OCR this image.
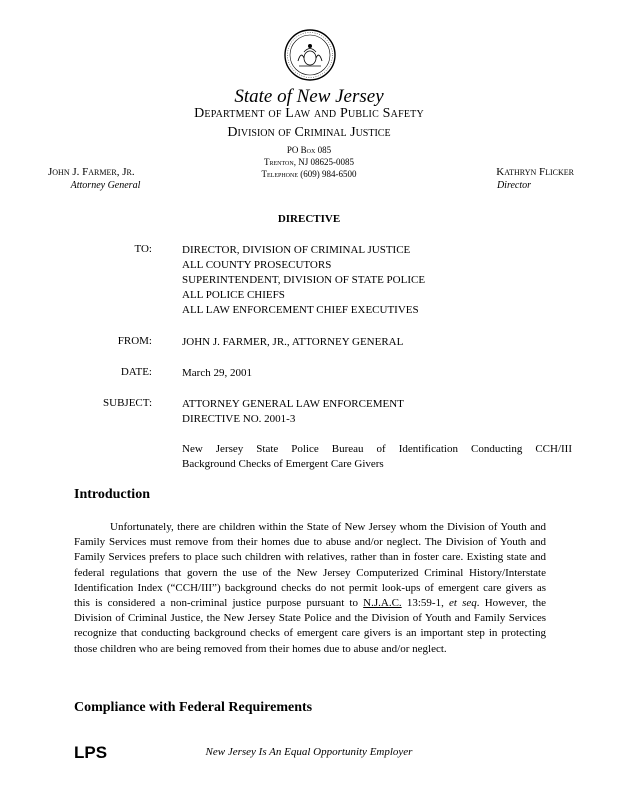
State of New Jersey
Department of Law and Public Safety
Division of Criminal Justice
PO Box 085
Trenton, NJ 08625-0085
Telephone (609) 984-6500
John J. Farmer, Jr.
Attorney General
Kathryn Flicker
Director
DIRECTIVE
TO:	DIRECTOR, DIVISION OF CRIMINAL JUSTICE
ALL COUNTY PROSECUTORS
SUPERINTENDENT, DIVISION OF STATE POLICE
ALL POLICE CHIEFS
ALL LAW ENFORCEMENT CHIEF EXECUTIVES
FROM:	JOHN J. FARMER, JR., ATTORNEY GENERAL
DATE:	March 29, 2001
SUBJECT:	ATTORNEY GENERAL LAW ENFORCEMENT
DIRECTIVE NO. 2001-3
New Jersey State Police Bureau of Identification Conducting CCH/III
Background Checks of Emergent Care Givers
Introduction
Unfortunately, there are children within the State of New Jersey whom the Division of Youth and
Family Services must remove from their homes due to abuse and/or neglect. The Division of Youth and
Family Services prefers to place such children with relatives, rather than in foster care. Existing state and
federal regulations that govern the use of the New Jersey Computerized Criminal History/Interstate
Identification Index (“CCH/III”) background checks do not permit look-ups of emergent care givers as
this is considered a non-criminal justice purpose pursuant to N.J.A.C. 13:59-1, et seq. However, the
Division of Criminal Justice, the New Jersey State Police and the Division of Youth and Family Services
recognize that conducting background checks of emergent care givers is an important step in protecting
those children who are being removed from their homes due to abuse and/or neglect.
Compliance with Federal Requirements
LPS	New Jersey Is An Equal Opportunity Employer
